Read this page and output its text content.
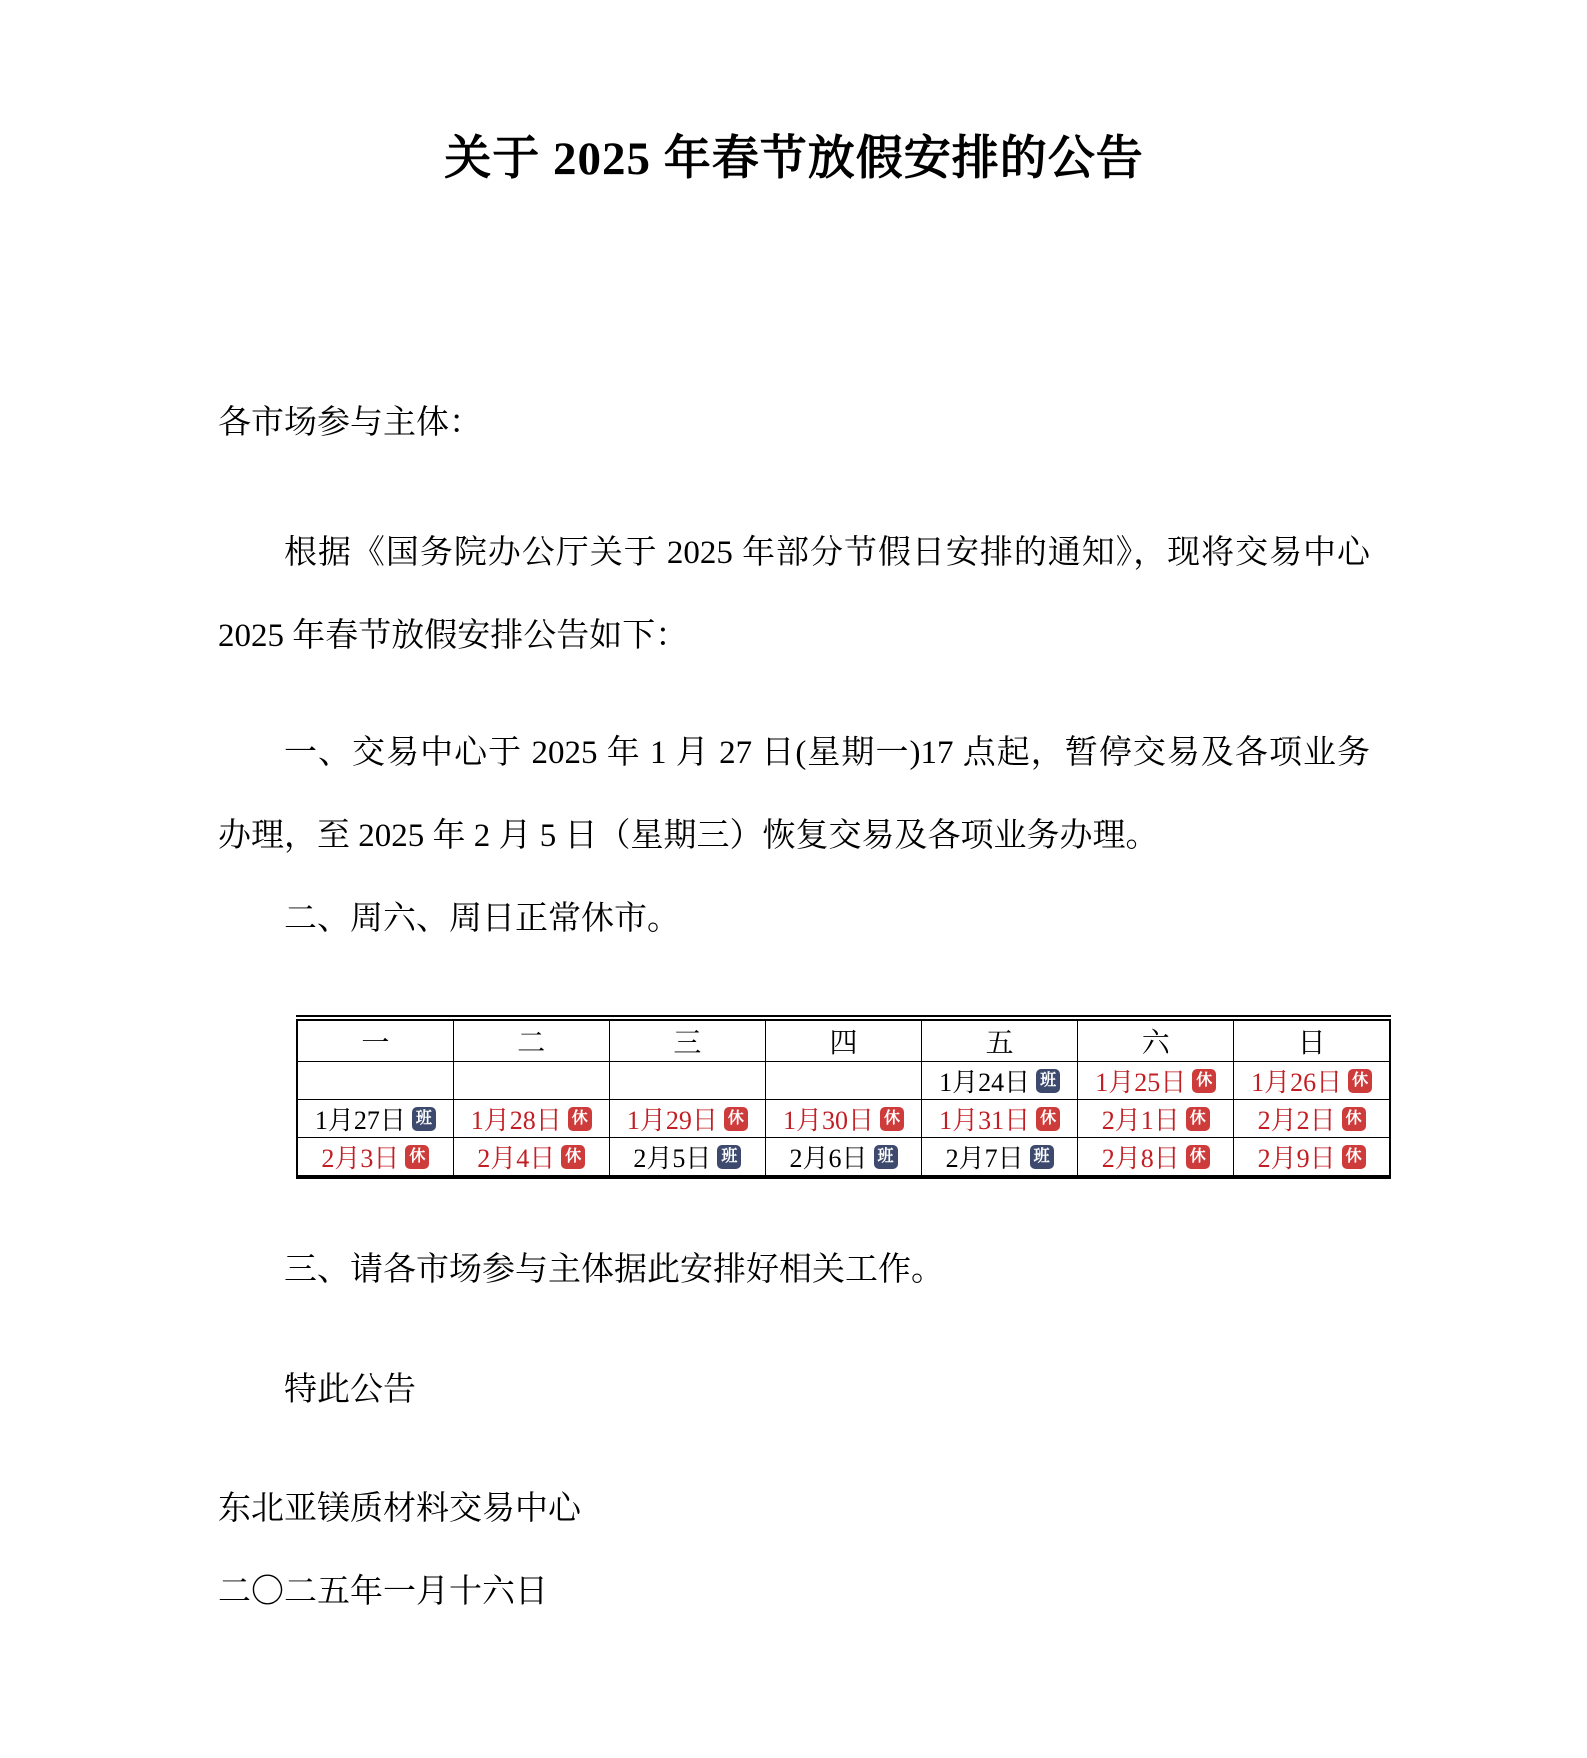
关于 2025 年春节放假安排的公告

各市场参与主体：

根据《国务院办公厅关于 2025 年部分节假日安排的通知》，现将交易中心 2025 年春节放假安排公告如下：

一、交易中心于 2025 年 1 月 27 日(星期一)17 点起，暂停交易及各项业务办理，至 2025 年 2 月 5 日（星期三）恢复交易及各项业务办理。

二、周六、周日正常休市。

一	二	三	四	五	六	日

				1月24日 班	1月25日 休	1月26日 休

1月27日 班	1月28日 休	1月29日 休	1月30日 休	1月31日 休	2月1日 休	2月2日 休

2月3日 休	2月4日 休	2月5日 班	2月6日 班	2月7日 班	2月8日 休	2月9日 休

三、请各市场参与主体据此安排好相关工作。

特此公告

东北亚镁质材料交易中心

二〇二五年一月十六日
